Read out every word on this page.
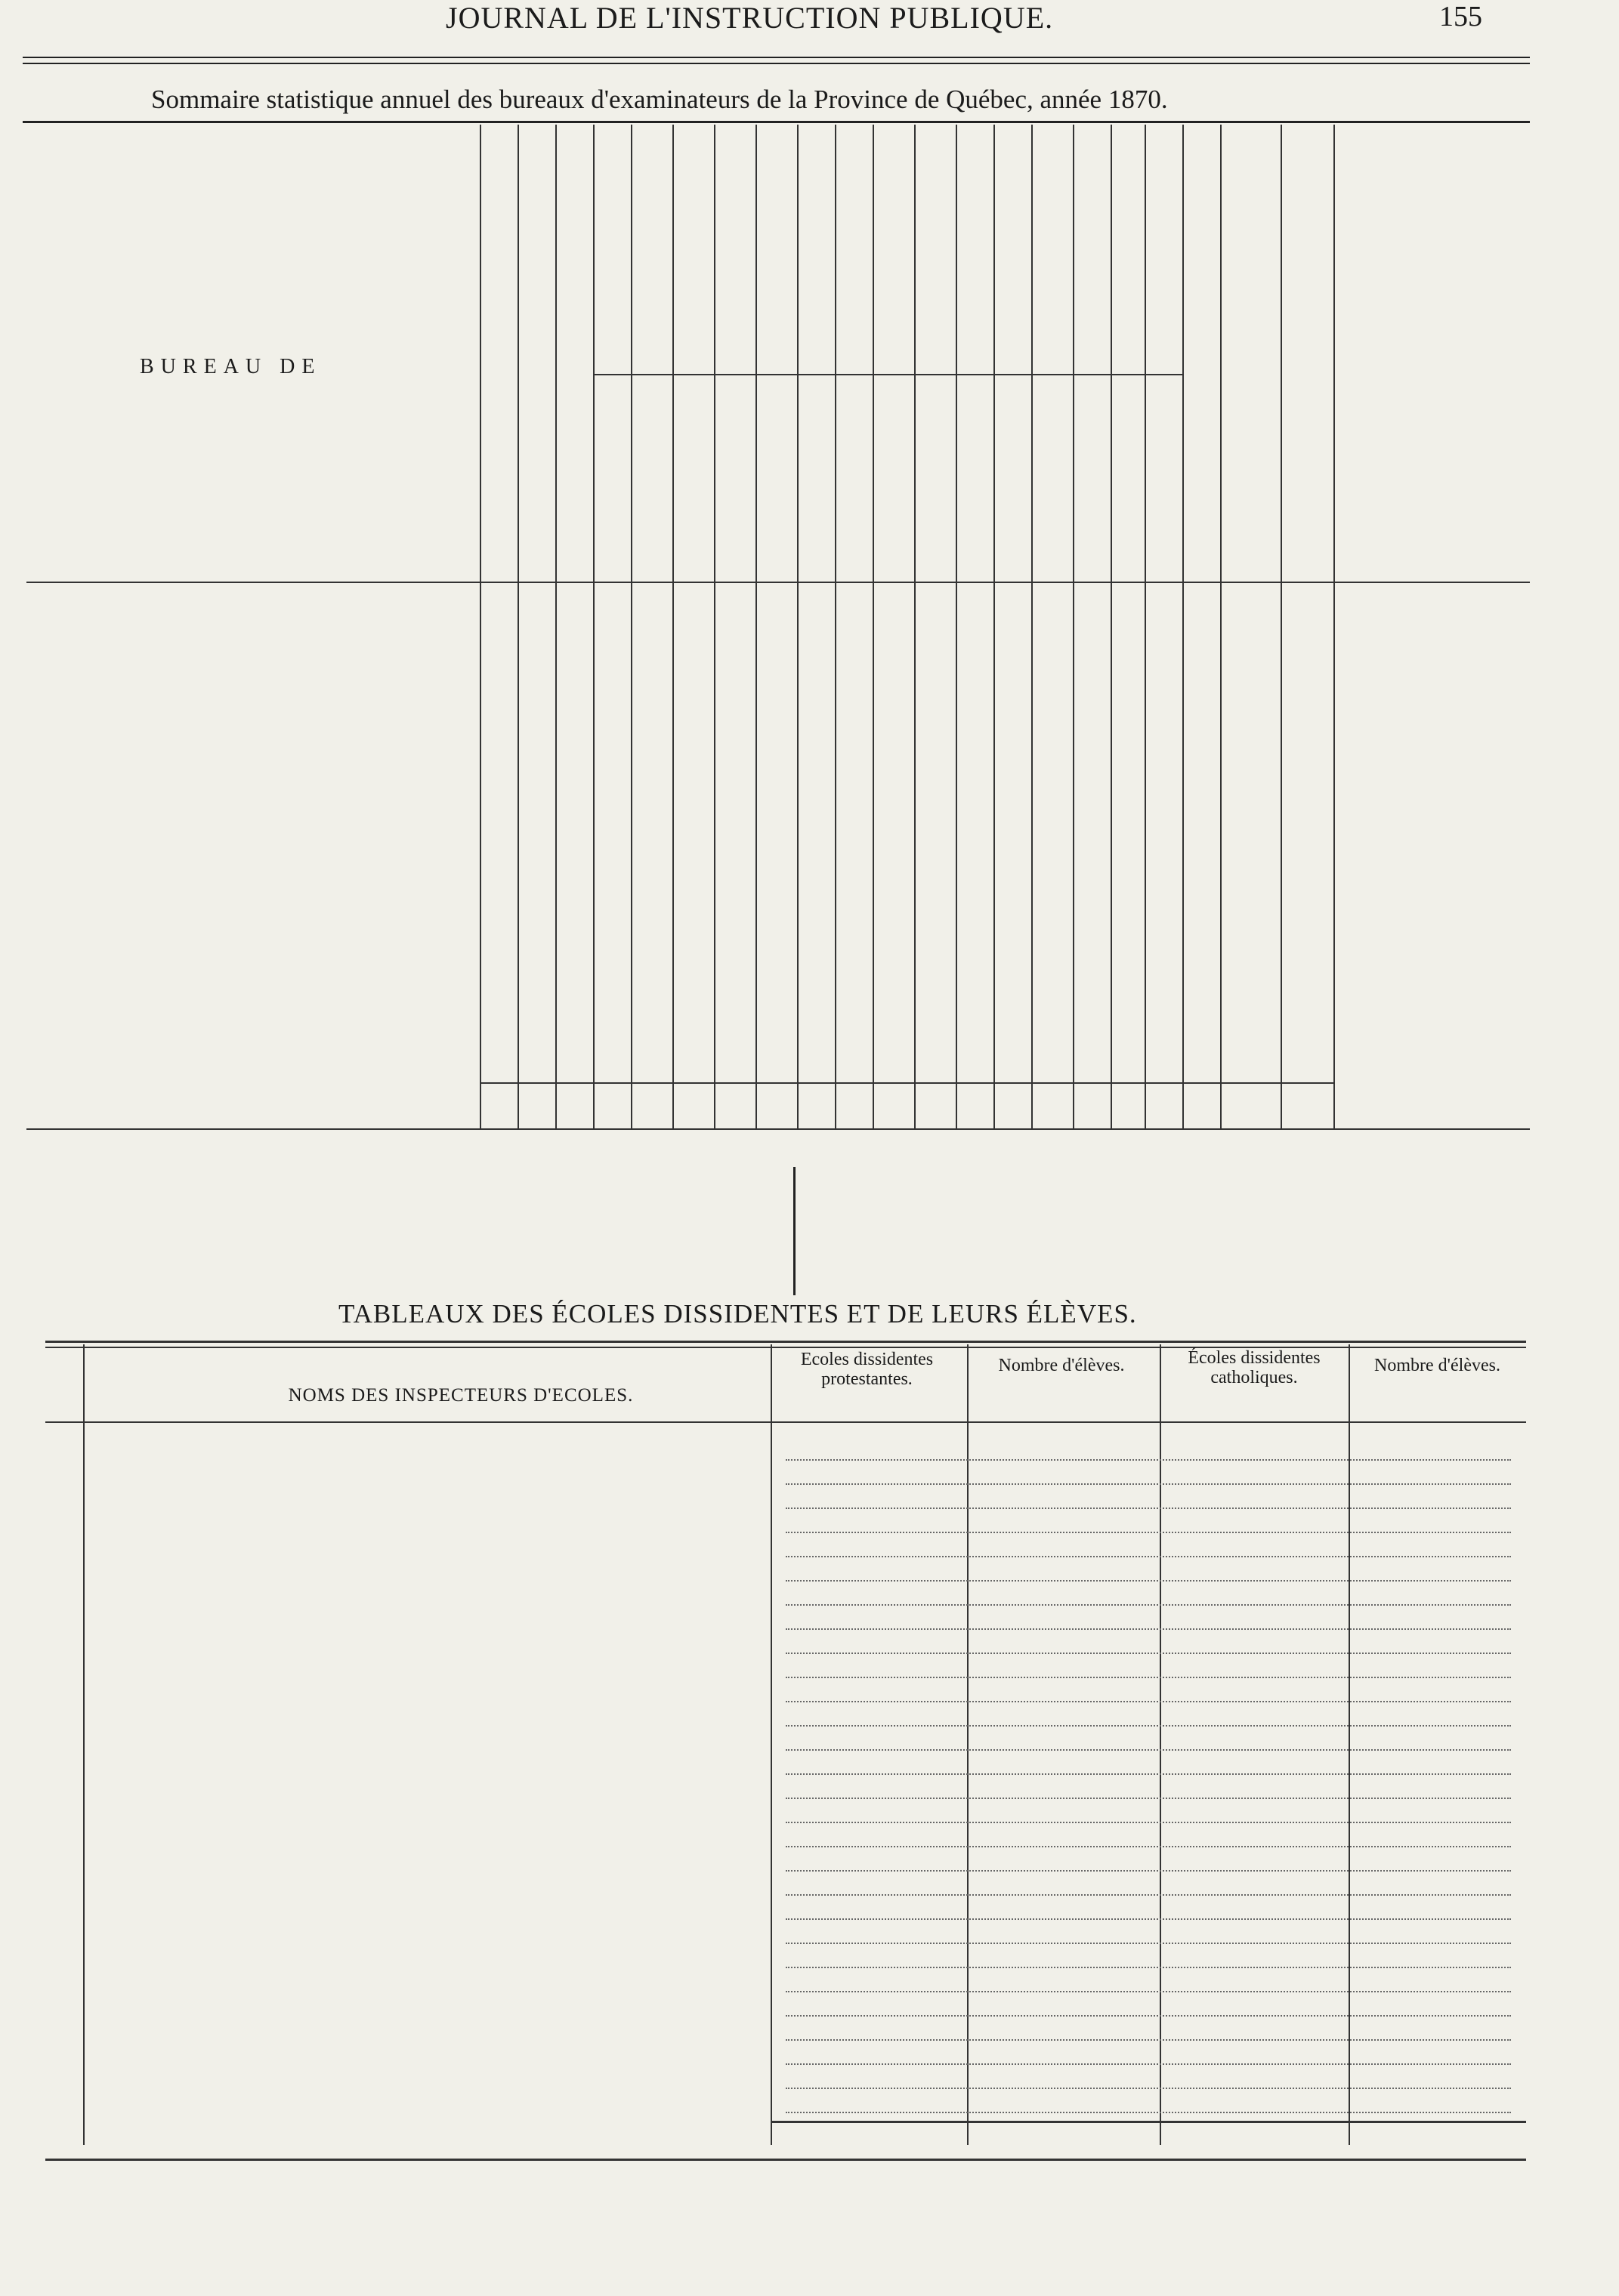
JOURNAL DE L'INSTRUCTION PUBLIQUE.	155
Sommaire statistique annuel des bureaux d'examinateurs de la Province de Québec, année 1870.
BUREAU DE
TABLEAUX DES ÉCOLES DISSIDENTES ET DE LEURS ÉLÈVES.
NOMS DES INSPECTEURS D'ECOLES.
Ecoles dissidentes protestantes.
Nombre d'élèves.	Écoles dissidentes catholiques.
Nombre d'élèves.
